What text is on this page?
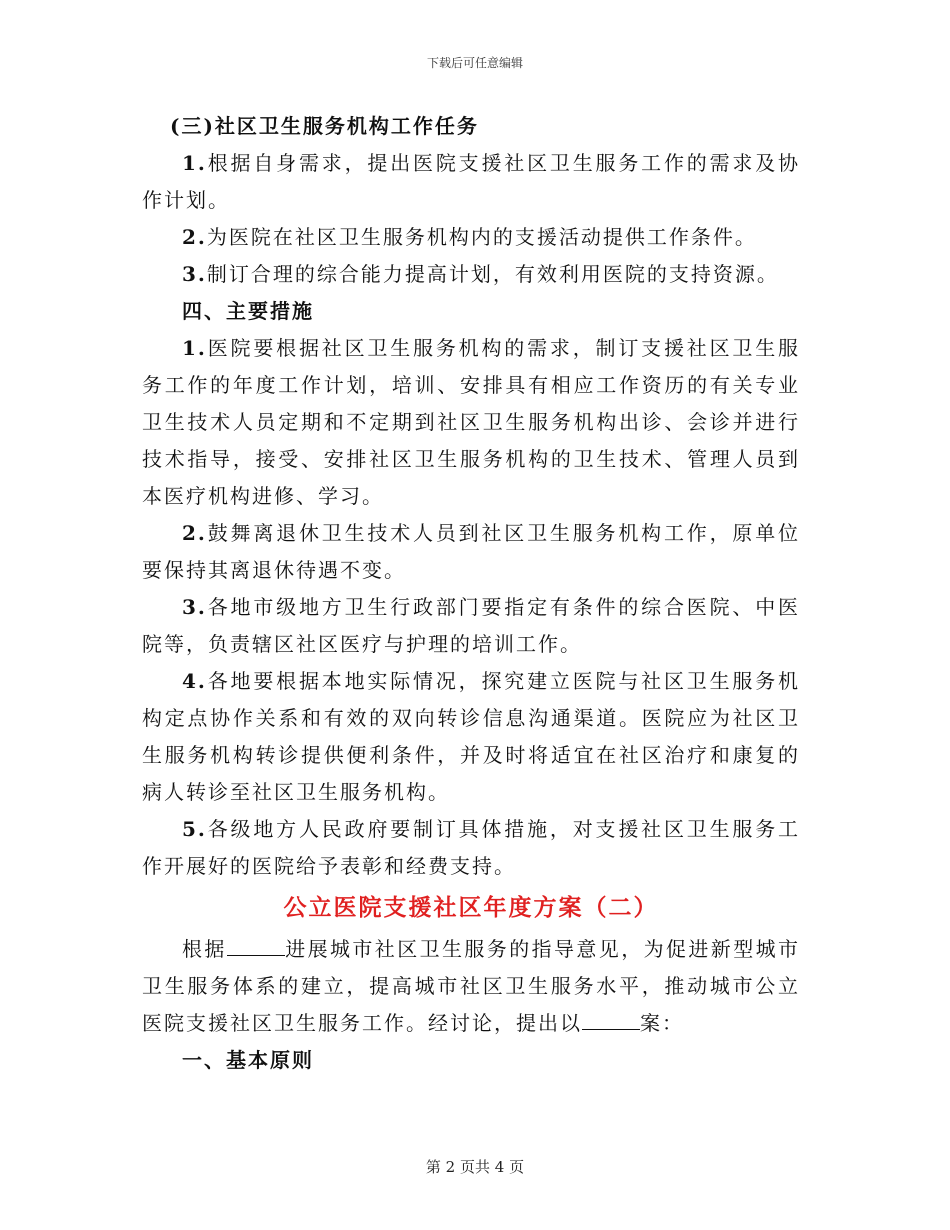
下载后可任意编辑

(三)社区卫生服务机构工作任务

1.根据自身需求，提出医院支援社区卫生服务工作的需求及协作计划。

2.为医院在社区卫生服务机构内的支援活动提供工作条件。

3.制订合理的综合能力提高计划，有效利用医院的支持资源。

四、主要措施

1.医院要根据社区卫生服务机构的需求，制订支援社区卫生服务工作的年度工作计划，培训、安排具有相应工作资历的有关专业卫生技术人员定期和不定期到社区卫生服务机构出诊、会诊并进行技术指导，接受、安排社区卫生服务机构的卫生技术、管理人员到本医疗机构进修、学习。

2.鼓舞离退休卫生技术人员到社区卫生服务机构工作，原单位要保持其离退休待遇不变。

3.各地市级地方卫生行政部门要指定有条件的综合医院、中医院等，负责辖区社区医疗与护理的培训工作。

4.各地要根据本地实际情况，探究建立医院与社区卫生服务机构定点协作关系和有效的双向转诊信息沟通渠道。医院应为社区卫生服务机构转诊提供便利条件，并及时将适宜在社区治疗和康复的病人转诊至社区卫生服务机构。

5.各级地方人民政府要制订具体措施，对支援社区卫生服务工作开展好的医院给予表彰和经费支持。

公立医院支援社区年度方案（二）

根据	进展城市社区卫生服务的指导意见，为促进新型城市卫生服务体系的建立，提高城市社区卫生服务水平，推动城市公立医院支援社区卫生服务工作。经讨论，提出以	案：

一、基本原则

第 2 页共 4 页
